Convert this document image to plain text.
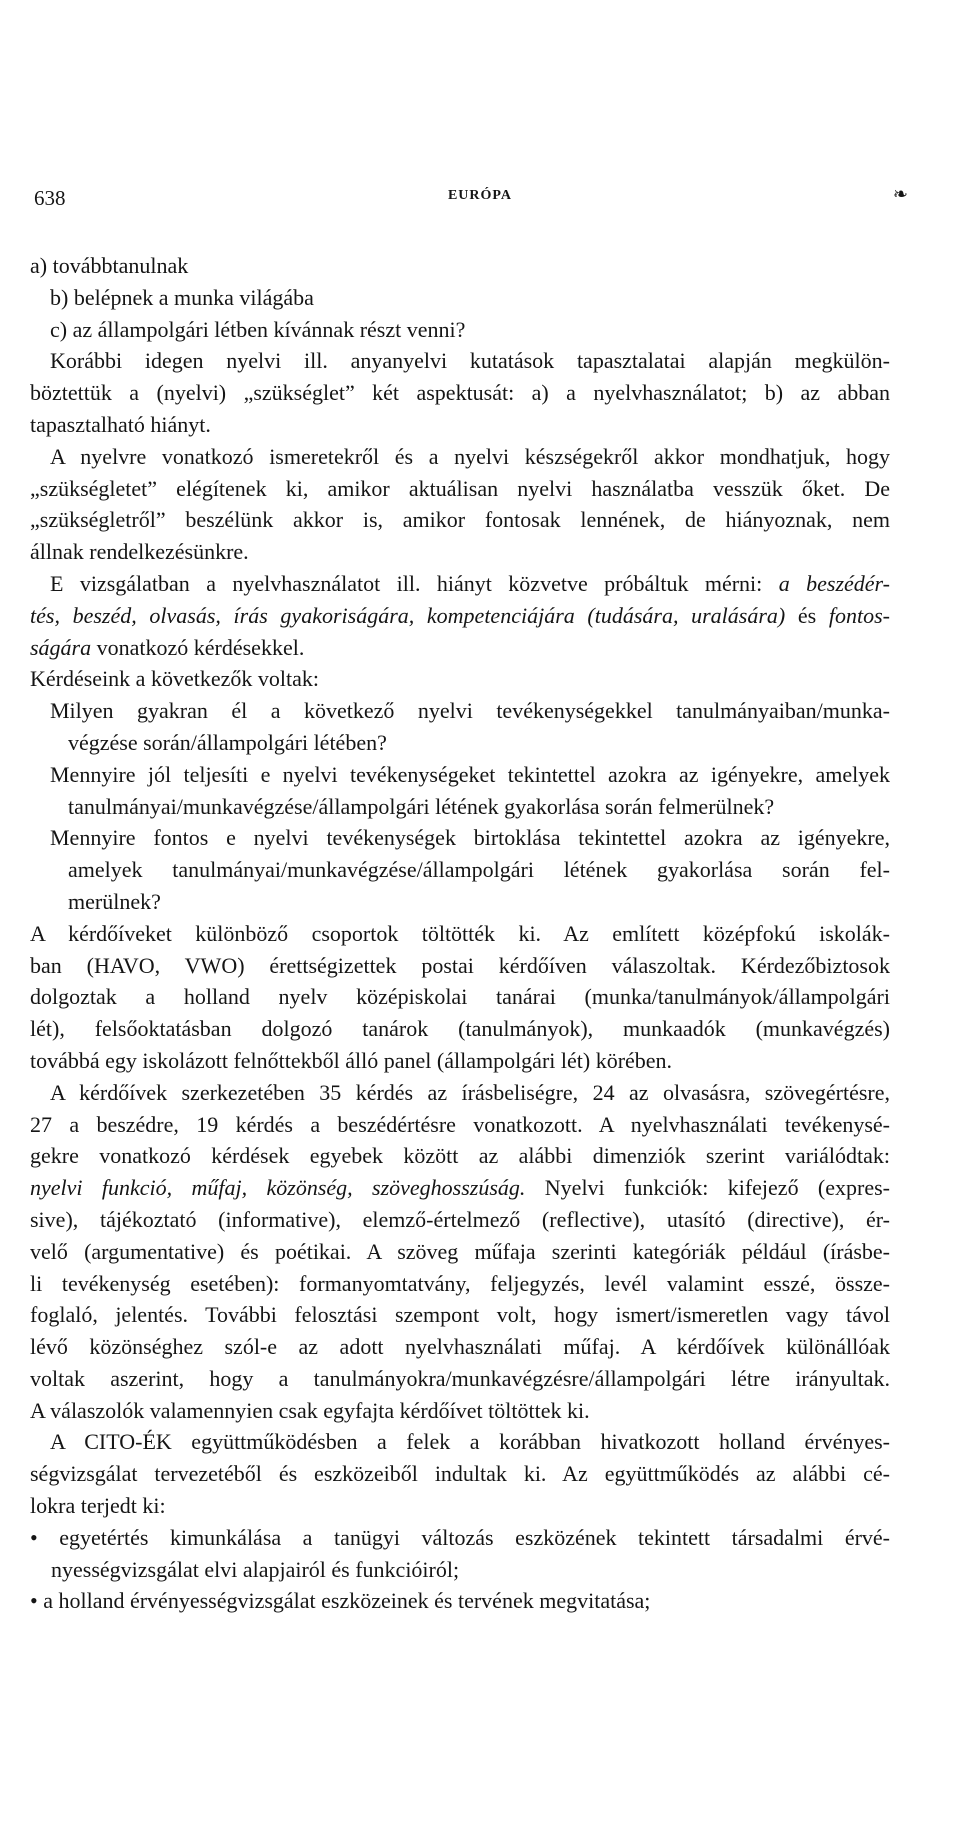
638	EURÓPA	❧

a) továbbtanulnak
b) belépnek a munka világába
c) az állampolgári létben kívánnak részt venni?

Korábbi idegen nyelvi ill. anyanyelvi kutatások tapasztalatai alapján megkülön-
böztettük a (nyelvi) „szükséglet” két aspektusát: a) a nyelvhasználatot; b) az abban
tapasztalható hiányt.

A nyelvre vonatkozó ismeretekről és a nyelvi készségekről akkor mondhatjuk, hogy
„szükségletet” elégítenek ki, amikor aktuálisan nyelvi használatba vesszük őket. De
„szükségletről” beszélünk akkor is, amikor fontosak lennének, de hiányoznak, nem
állnak rendelkezésünkre.

E vizsgálatban a nyelvhasználatot ill. hiányt közvetve próbáltuk mérni: a beszédér-
tés, beszéd, olvasás, írás gyakoriságára, kompetenciájára (tudására, uralására) és fontos-
ságára vonatkozó kérdésekkel.

Kérdéseink a következők voltak:

Milyen gyakran él a következő nyelvi tevékenységekkel tanulmányaiban/munka-
végzése során/állampolgári létében?

Mennyire jól teljesíti e nyelvi tevékenységeket tekintettel azokra az igényekre, amelyek
tanulmányai/munkavégzése/állampolgári létének gyakorlása során felmerülnek?

Mennyire fontos e nyelvi tevékenységek birtoklása tekintettel azokra az igényekre,
amelyek tanulmányai/munkavégzése/állampolgári létének gyakorlása során fel-
merülnek?

A kérdőíveket különböző csoportok töltötték ki. Az említett középfokú iskolák-
ban (HAVO, VWO) érettségizettek postai kérdőíven válaszoltak. Kérdezőbiztosok
dolgoztak a holland nyelv középiskolai tanárai (munka/tanulmányok/állampolgári
lét), felsőoktatásban dolgozó tanárok (tanulmányok), munkaadók (munkavégzés)
továbbá egy iskolázott felnőttekből álló panel (állampolgári lét) körében.

A kérdőívek szerkezetében 35 kérdés az írásbeliségre, 24 az olvasásra, szövegértésre,
27 a beszédre, 19 kérdés a beszédértésre vonatkozott. A nyelvhasználati tevékenysé-
gekre vonatkozó kérdések egyebek között az alábbi dimenziók szerint variálódtak:
nyelvi funkció, műfaj, közönség, szöveghosszúság. Nyelvi funkciók: kifejező (expres-
sive), tájékoztató (informative), elemző-értelmező (reflective), utasító (directive), ér-
velő (argumentative) és poétikai. A szöveg műfaja szerinti kategóriák például (írásbe-
li tevékenység esetében): formanyomtatvány, feljegyzés, levél valamint esszé, össze-
foglaló, jelentés. További felosztási szempont volt, hogy ismert/ismeretlen vagy távol
lévő közönséghez szól-e az adott nyelvhasználati műfaj. A kérdőívek különállóak
voltak aszerint, hogy a tanulmányokra/munkavégzésre/állampolgári létre irányultak.
A válaszolók valamennyien csak egyfajta kérdőívet töltöttek ki.

A CITO-ÉK együttműködésben a felek a korábban hivatkozott holland érvényes-
ségvizsgálat tervezetéből és eszközeiből indultak ki. Az együttműködés az alábbi cé-
lokra terjedt ki:

• egyetértés kimunkálása a tanügyi változás eszközének tekintett társadalmi érvé-
nyességvizsgálat elvi alapjairól és funkcióiról;
• a holland érvényességvizsgálat eszközeinek és tervének megvitatása;
